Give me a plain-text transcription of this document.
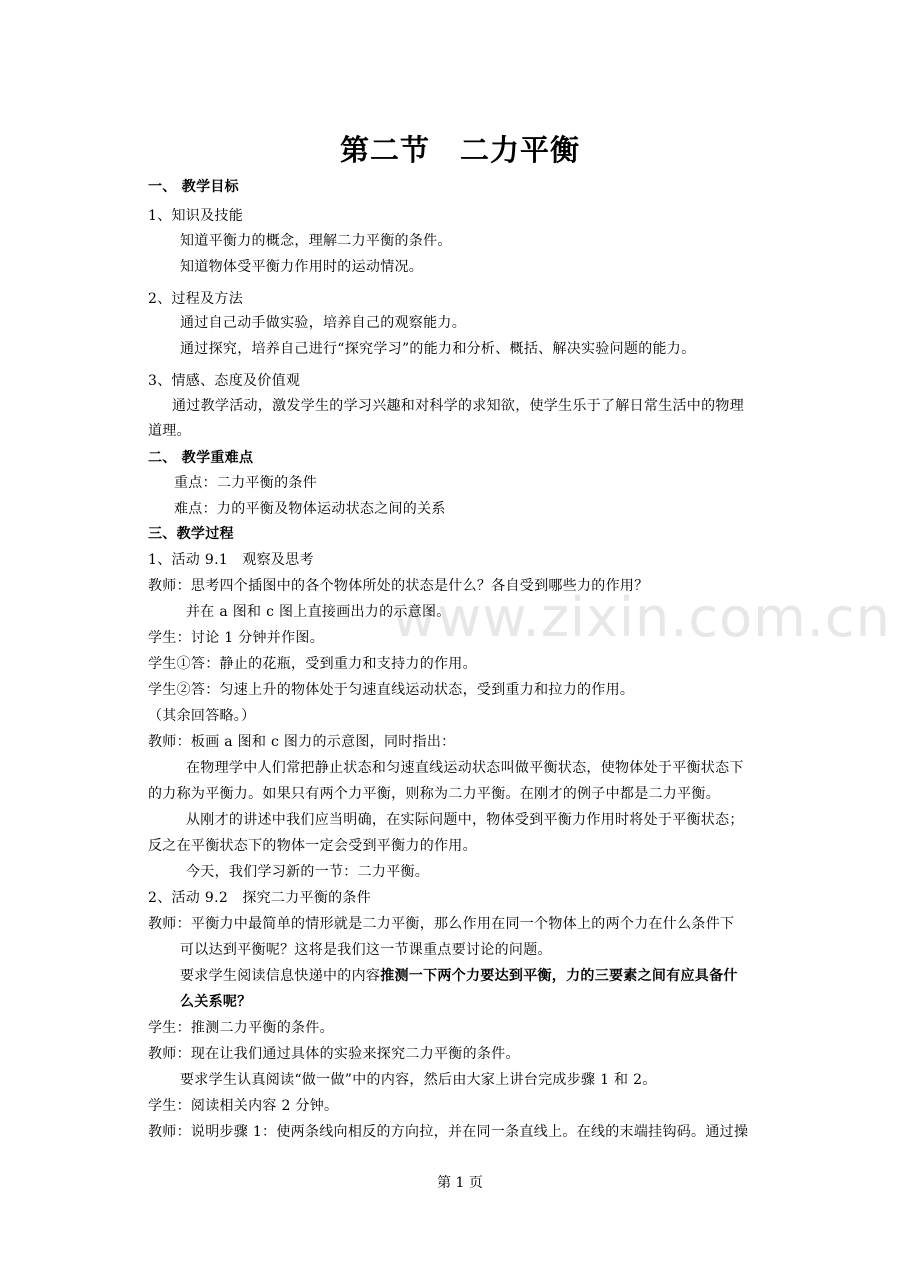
第二节　二力平衡
www.zixin.com.cn
一、 教学目标
1、知识及技能
知道平衡力的概念，理解二力平衡的条件。
知道物体受平衡力作用时的运动情况。
2、过程及方法
通过自己动手做实验，培养自己的观察能力。
通过探究，培养自己进行“探究学习”的能力和分析、概括、解决实验问题的能力。
3、情感、态度及价值观
通过教学活动，激发学生的学习兴趣和对科学的求知欲，使学生乐于了解日常生活中的物理
道理。
二、 教学重难点
重点：二力平衡的条件
难点：力的平衡及物体运动状态之间的关系
三、教学过程
1、活动 9.1　观察及思考
教师：思考四个插图中的各个物体所处的状态是什么？各自受到哪些力的作用？
并在 a 图和 c 图上直接画出力的示意图。
学生：讨论 1 分钟并作图。
学生①答：静止的花瓶，受到重力和支持力的作用。
学生②答：匀速上升的物体处于匀速直线运动状态，受到重力和拉力的作用。
（其余回答略。）
教师：板画 a 图和 c 图力的示意图，同时指出：
在物理学中人们常把静止状态和匀速直线运动状态叫做平衡状态，使物体处于平衡状态下
的力称为平衡力。如果只有两个力平衡，则称为二力平衡。在刚才的例子中都是二力平衡。
从刚才的讲述中我们应当明确，在实际问题中，物体受到平衡力作用时将处于平衡状态；
反之在平衡状态下的物体一定会受到平衡力的作用。
今天，我们学习新的一节：二力平衡。
2、活动 9.2　探究二力平衡的条件
教师：平衡力中最简单的情形就是二力平衡，那么作用在同一个物体上的两个力在什么条件下
可以达到平衡呢？这将是我们这一节课重点要讨论的问题。
要求学生阅读信息快递中的内容推测一下两个力要达到平衡，力的三要素之间有应具备什
么关系呢？
学生：推测二力平衡的条件。
教师：现在让我们通过具体的实验来探究二力平衡的条件。
要求学生认真阅读“做一做”中的内容，然后由大家上讲台完成步骤 1 和 2。
学生：阅读相关内容 2 分钟。
教师：说明步骤 1：使两条线向相反的方向拉，并在同一条直线上。在线的末端挂钩码。通过操
第 1 页
